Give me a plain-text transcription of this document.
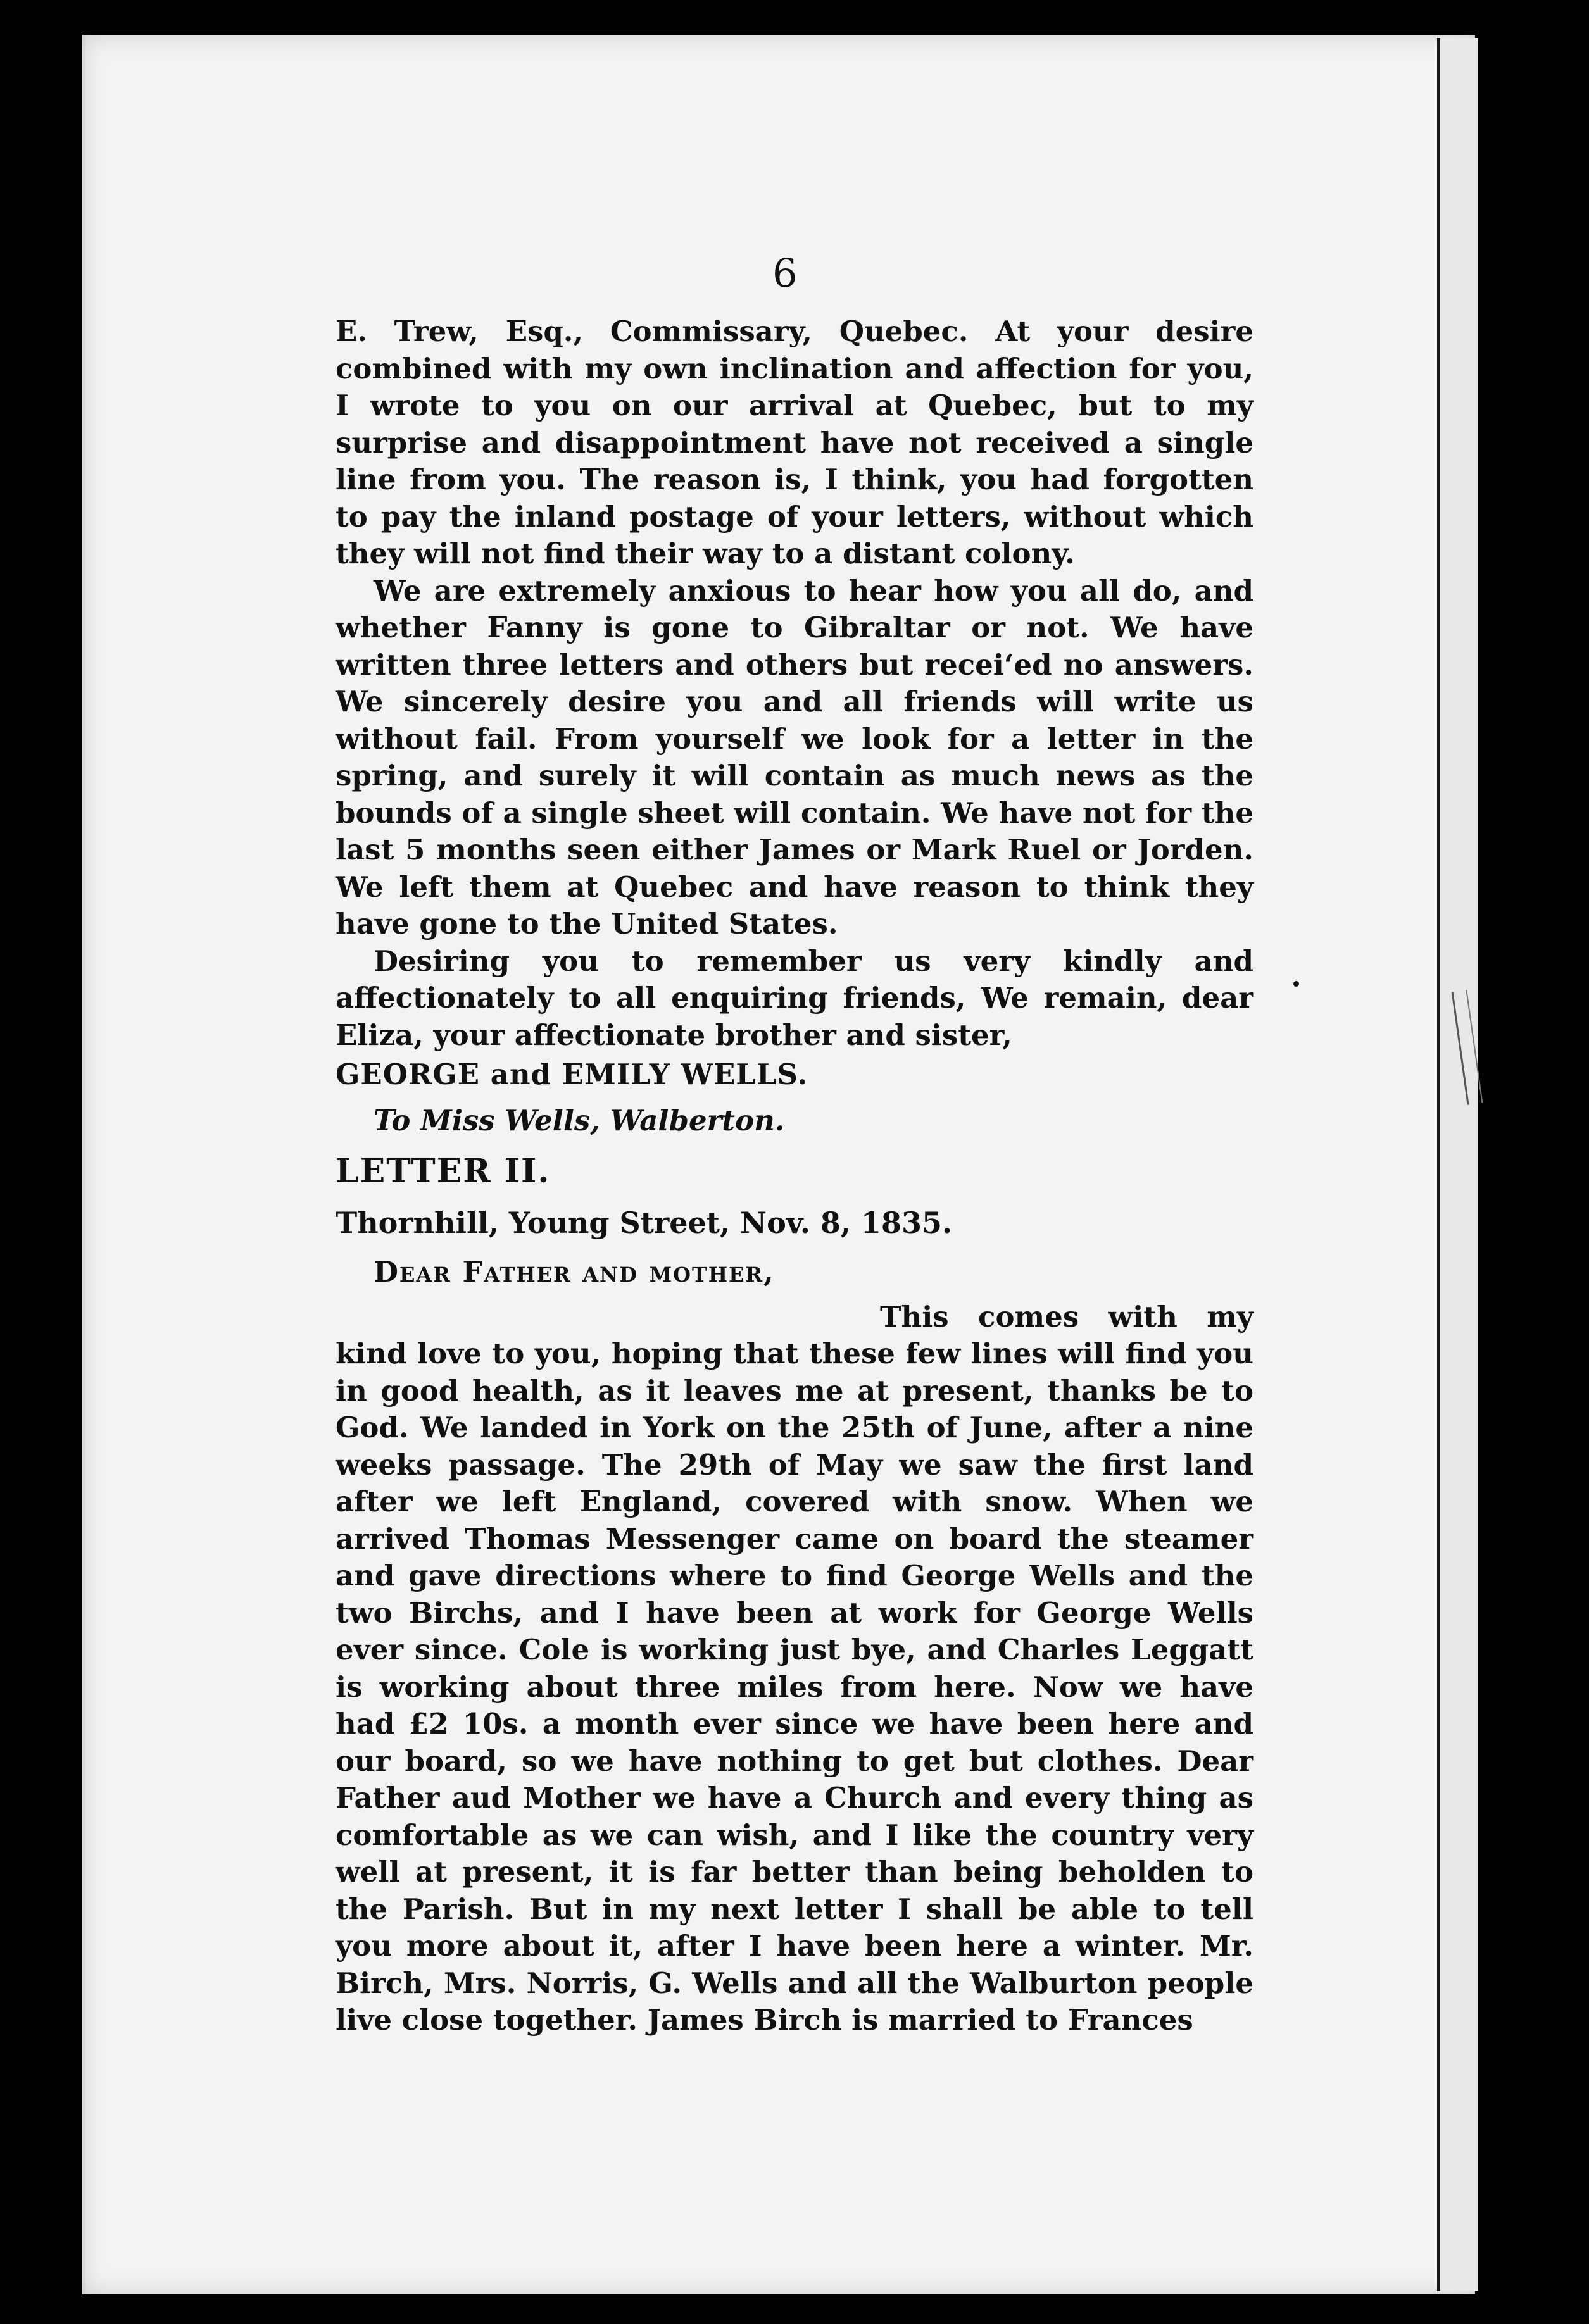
6

E. Trew, Esq., Commissary, Quebec. At your desire combined with my own inclination and affection for you, I wrote to you on our arrival at Quebec, but to my surprise and disappointment have not received a single line from you. The reason is, I think, you had forgotten to pay the inland postage of your letters, without which they will not find their way to a distant colony.

We are extremely anxious to hear how you all do, and whether Fanny is gone to Gibraltar or not. We have written three letters and others but receiʻed no answers. We sincerely desire you and all friends will write us without fail. From yourself we look for a letter in the spring, and surely it will contain as much news as the bounds of a single sheet will contain. We have not for the last 5 months seen either James or Mark Ruel or Jorden. We left them at Quebec and have reason to think they have gone to the United States.

Desiring you to remember us very kindly and affectionately to all enquiring friends, We remain, dear Eliza, your affectionate brother and sister,

GEORGE and EMILY WELLS.

To Miss Wells, Walberton.

LETTER II.

Thornhill, Young Street, Nov. 8, 1835.

Dear Father and mother,

This comes with my kind love to you, hoping that these few lines will find you in good health, as it leaves me at present, thanks be to God. We landed in York on the 25th of June, after a nine weeks passage. The 29th of May we saw the first land after we left England, covered with snow. When we arrived Thomas Messenger came on board the steamer and gave directions where to find George Wells and the two Birchs, and I have been at work for George Wells ever since. Cole is working just bye, and Charles Leggatt is working about three miles from here. Now we have had £2 10s. a month ever since we have been here and our board, so we have nothing to get but clothes. Dear Father aud Mother we have a Church and every thing as comfortable as we can wish, and I like the country very well at present, it is far better than being beholden to the Parish. But in my next letter I shall be able to tell you more about it, after I have been here a winter. Mr. Birch, Mrs. Norris, G. Wells and all the Walburton people live close together. James Birch is married to Frances
